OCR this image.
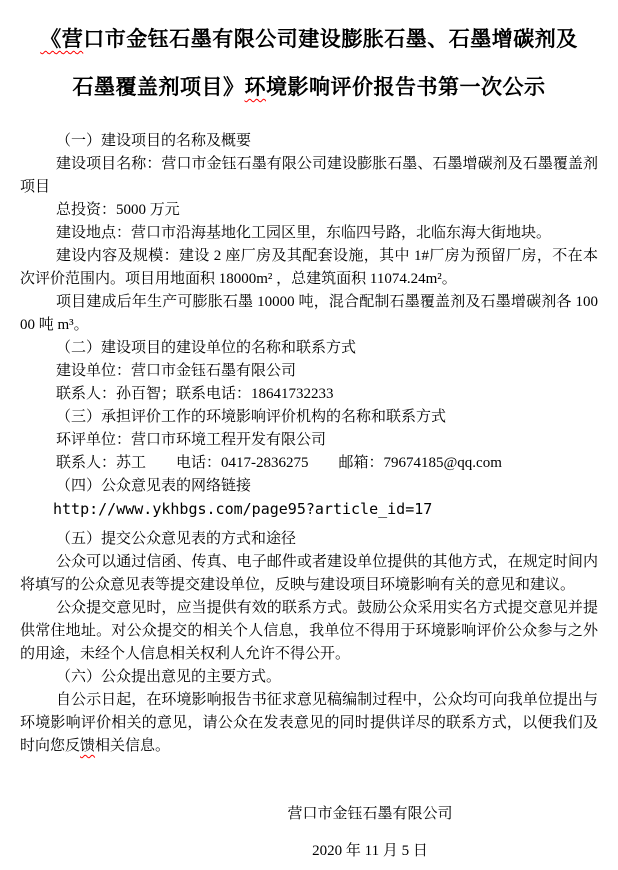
《营口市金钰石墨有限公司建设膨胀石墨、石墨增碳剂及
石墨覆盖剂项目》环境影响评价报告书第一次公示

（一）建设项目的名称及概要

建设项目名称：营口市金钰石墨有限公司建设膨胀石墨、石墨增碳剂及石墨覆盖剂项目

总投资：5000 万元

建设地点：营口市沿海基地化工园区里，东临四号路，北临东海大街地块。

建设内容及规模：建设 2 座厂房及其配套设施，其中 1#厂房为预留厂房，不在本次评价范围内。项目用地面积 18000m² ，总建筑面积 11074.24m²。

项目建成后年生产可膨胀石墨 10000 吨，混合配制石墨覆盖剂及石墨增碳剂各 10000 吨 m³。

（二）建设项目的建设单位的名称和联系方式

建设单位：营口市金钰石墨有限公司

联系人：孙百智；联系电话：18641732233

（三）承担评价工作的环境影响评价机构的名称和联系方式

环评单位：营口市环境工程开发有限公司

联系人：苏工　　电话：0417-2836275　　邮箱：79674185@qq.com

（四）公众意见表的网络链接

http://www.ykhbgs.com/page95?article_id=17

（五）提交公众意见表的方式和途径

公众可以通过信函、传真、电子邮件或者建设单位提供的其他方式，在规定时间内将填写的公众意见表等提交建设单位，反映与建设项目环境影响有关的意见和建议。

公众提交意见时，应当提供有效的联系方式。鼓励公众采用实名方式提交意见并提供常住地址。对公众提交的相关个人信息，我单位不得用于环境影响评价公众参与之外的用途，未经个人信息相关权利人允许不得公开。

（六）公众提出意见的主要方式。

自公示日起，在环境影响报告书征求意见稿编制过程中，公众均可向我单位提出与环境影响评价相关的意见，请公众在发表意见的同时提供详尽的联系方式，以便我们及时向您反馈相关信息。

营口市金钰石墨有限公司
2020 年 11 月 5 日
